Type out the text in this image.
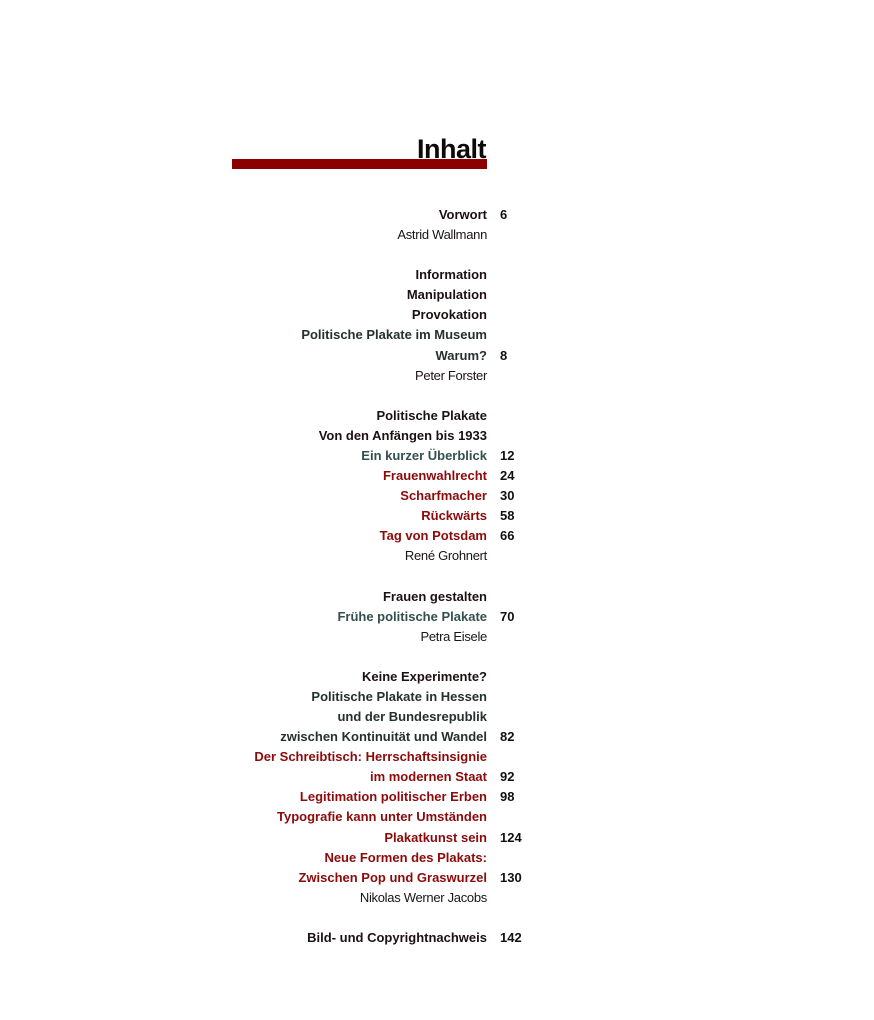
Inhalt
Vorwort 6
Astrid Wallmann
Information
Manipulation
Provokation
Politische Plakate im Museum
Warum? 8
Peter Forster
Politische Plakate
Von den Anfängen bis 1933
Ein kurzer Überblick 12
Frauenwahlrecht 24
Scharfmacher 30
Rückwärts 58
Tag von Potsdam 66
René Grohnert
Frauen gestalten
Frühe politische Plakate 70
Petra Eisele
Keine Experimente?
Politische Plakate in Hessen
und der Bundesrepublik
zwischen Kontinuität und Wandel 82
Der Schreibtisch: Herrschaftsinsignie
im modernen Staat 92
Legitimation politischer Erben 98
Typografie kann unter Umständen
Plakatkunst sein 124
Neue Formen des Plakats:
Zwischen Pop und Graswurzel 130
Nikolas Werner Jacobs
Bild- und Copyrightnachweis 142
